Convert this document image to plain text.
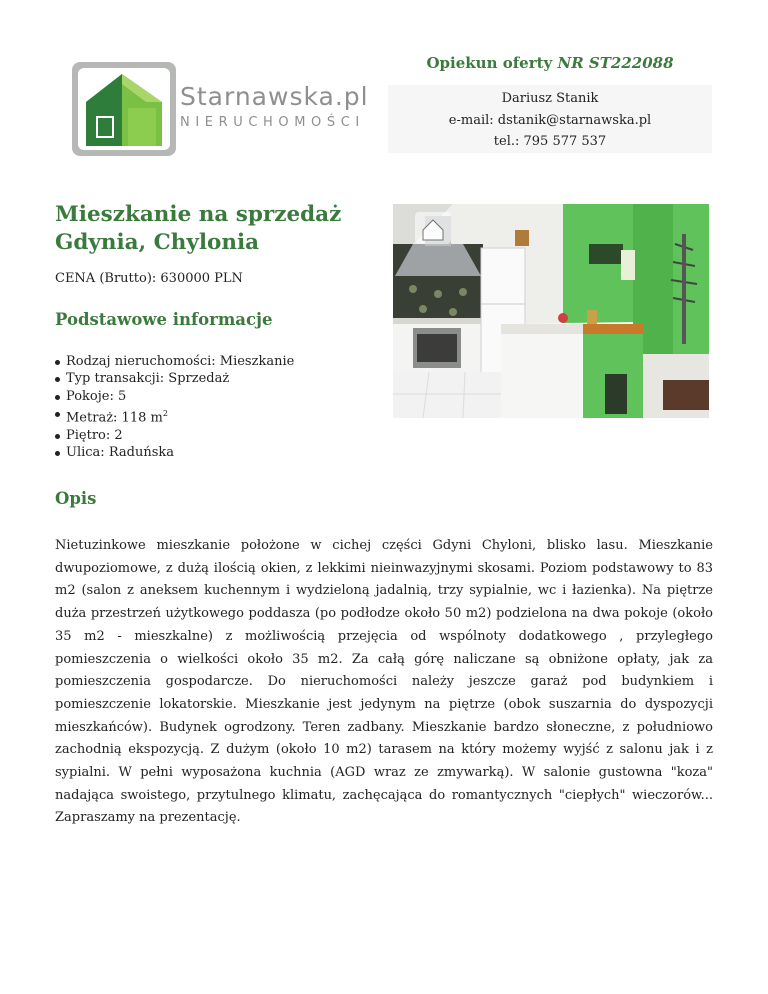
Starnawska.pl
NIERUCHOMOŚCI
Opiekun oferty NR ST222088
Dariusz Stanik
e-mail: dstanik@starnawska.pl
tel.: 795 577 537
Mieszkanie na sprzedaż
Gdynia, Chylonia
CENA (Brutto): 630000 PLN
Podstawowe informacje
Rodzaj nieruchomości: Mieszkanie
Typ transakcji: Sprzedaż
Pokoje: 5
Metraż: 118 $m^2$
Piętro: 2
Ulica: Raduńska
Opis

Nietuzinkowe mieszkanie położone w cichej części Gdyni Chyloni, blisko lasu. Mieszkanie dwupoziomowe, z dużą ilością okien, z lekkimi nieinwazyjnymi skosami. Poziom podstawowy to 83 m2 (salon z aneksem kuchennym i wydzieloną jadalnią, trzy sypialnie, wc i łazienka). Na piętrze duża przestrzeń użytkowego poddasza (po podłodze około 50 m2) podzielona na dwa pokoje (około 35 m2 - mieszkalne) z możliwością przejęcia od wspólnoty dodatkowego , przyległego pomieszczenia o wielkości około 35 m2. Za całą górę naliczane są obniżone opłaty, jak za pomieszczenia gospodarcze. Do nieruchomości należy jeszcze garaż pod budynkiem i pomieszczenie lokatorskie. Mieszkanie jest jedynym na piętrze (obok suszarnia do dyspozycji mieszkańców). Budynek ogrodzony. Teren zadbany. Mieszkanie bardzo słoneczne, z południowo zachodnią ekspozycją. Z dużym (około 10 m2) tarasem na który możemy wyjść z salonu jak i z sypialni. W pełni wyposażona kuchnia (AGD wraz ze zmywarką). W salonie gustowna "koza" nadająca swoistego, przytulnego klimatu, zachęcająca do romantycznych "ciepłych" wieczorów... Zapraszamy na prezentację.
